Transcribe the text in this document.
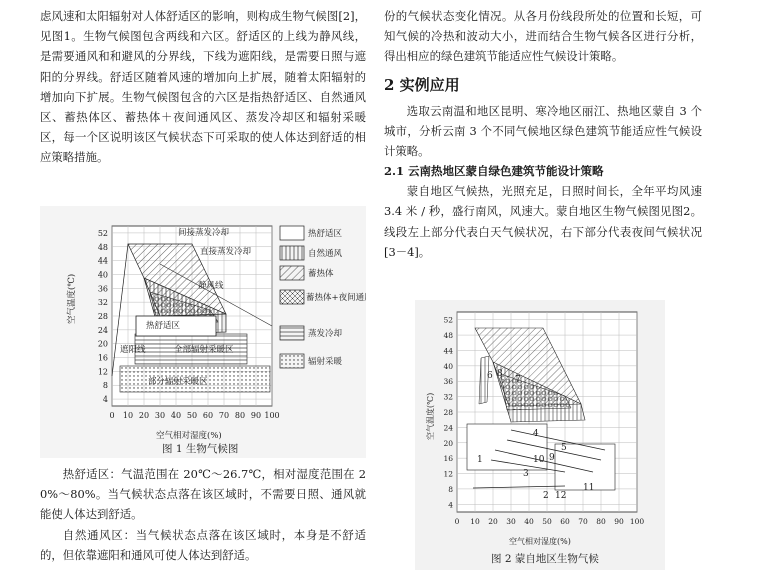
虑风速和太阳辐射对人体舒适区的影响，则构成生物气候图[2]，见图1。生物气候图包含两线和六区。舒适区的上线为静风线，是需要通风和和避风的分界线，下线为遮阳线，是需要日照与遮阳的分界线。舒适区随着风速的增加向上扩展，随着太阳辐射的增加向下扩展。生物气候图包含的六区是指热舒适区、自然通风区、蓄热体区、蓄热体＋夜间通风区、蒸发冷却区和辐射采暖区，每一个区说明该区气候状态下可采取的使人体达到舒适的相应策略措施。

间接蒸发冷却
直接蒸发冷却
静风线
热舒适区
遮阳线	全部辐射采暖区
部分辐射采暖区
52
48
44
40
36
32
28
24
20
16
12
8
4
0 10 20 30 40 50 60 70 80 90 100
空气温度(℃)
空气相对湿度(%)
图 1 生物气候图
热舒适区
自然通风
蓄热体
蓄热体+夜间通风
蒸发冷却
辐射采暖

热舒适区：气温范围在 20℃～26.7℃，相对湿度范围在 20%～80%。当气候状态点落在该区域时，不需要日照、通风就能使人体达到舒适。

自然通风区：当气候状态点落在该区域时，本身是不舒适的，但依靠遮阳和通风可使人体达到舒适。

份的气候状态变化情况。从各月份线段所处的位置和长短，可知气候的冷热和波动大小，进而结合生物气候各区进行分析，得出相应的绿色建筑节能适应性气候设计策略。

2 实例应用

选取云南温和地区昆明、寒冷地区丽江、热地区蒙自 3 个城市，分析云南 3 个不同气候地区绿色建筑节能适应性气候设计策略。

2.1 云南热地区蒙自绿色建筑节能设计策略

蒙自地区气候热，光照充足，日照时间长，全年平均风速 3.4 米 / 秒，盛行南风，风速大。蒙自地区生物气候图见图2。线段左上部分代表白天气候状况，右下部分代表夜间气候状况[3－4]。

6 8
7
4
5
9
3
10
1
2 12
11
52
48
44
40
36
32
28
24
20
16
12
8
4
0 10 20 30 40 50 60 70 80 90 100
空气温度(℃)
空气相对湿度(%)
图 2 蒙自地区生物气候
